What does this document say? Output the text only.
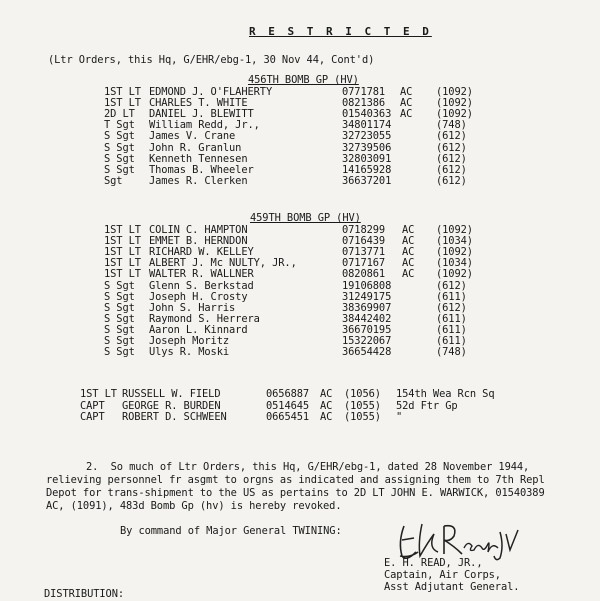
R E S T R I C T E D
(Ltr Orders, this Hq, G/EHR/ebg-1, 30 Nov 44, Cont'd)
456TH BOMB GP (HV)
1ST LT EDMOND J. O'FLAHERTY	0771781 AC (1092)
1ST LT CHARLES T. WHITE	0821386 AC (1092)
2D LT DANIEL J. BLEWITT	01540363 AC (1092)
T Sgt William Redd, Jr.,	34801174	(748)
S Sgt James V. Crane	32723055	(612)
S Sgt John R. Granlun	32739506	(612)
S Sgt Kenneth Tennesen	32803091	(612)
S Sgt Thomas B. Wheeler	14165928	(612)
Sgt	James R. Clerken	36637201	(612)
459TH BOMB GP (HV)
1ST LT COLIN C. HAMPTON	0718299 AC (1092)
1ST LT EMMET B. HERNDON	0716439 AC (1034)
1ST LT RICHARD W. KELLEY	0713771 AC (1092)
1ST LT ALBERT J. Mc NULTY, JR.,	0717167 AC (1034)
1ST LT WALTER R. WALLNER	0820861 AC (1092)
S Sgt Glenn S. Berkstad	19106808	(612)
S Sgt Joseph H. Crosty	31249175	(611)
S Sgt John S. Harris	38369907	(612)
S Sgt Raymond S. Herrera	38442402	(611)
S Sgt Aaron L. Kinnard	36670195	(611)
S Sgt Joseph Moritz	15322067	(611)
S Sgt Ulys R. Moski	36654428	(748)
1ST LT RUSSELL W. FIELD	0656887 AC (1056) 154th Wea Rcn Sq
CAPT GEORGE R. BURDEN	0514645 AC (1055) 52d Ftr Gp
CAPT ROBERT D. SCHWEEN	0665451 AC (1055) "
2.  So much of Ltr Orders, this Hq, G/EHR/ebg-1, dated 28 November 1944,
relieving personnel fr asgmt to orgns as indicated and assigning them to 7th Repl
Depot for trans-shipment to the US as pertains to 2D LT JOHN E. WARWICK, 01540389
AC, (1091), 483d Bomb Gp (hv) is hereby revoked.
By command of Major General TWINING:
E. H. READ, JR.,
Captain, Air Corps,
Asst Adjutant General.
DISTRIBUTION:
